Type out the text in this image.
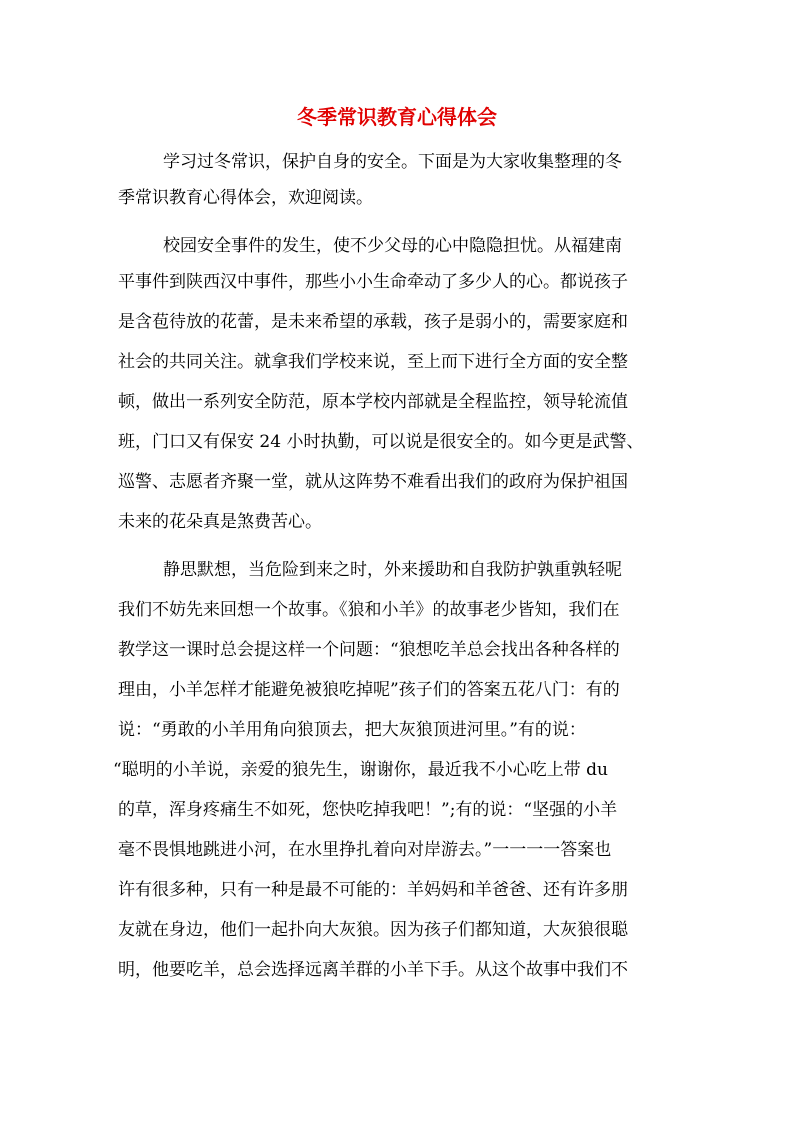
冬季常识教育心得体会
学习过冬常识，保护自身的安全。下面是为大家收集整理的冬
季常识教育心得体会，欢迎阅读。
校园安全事件的发生，使不少父母的心中隐隐担忧。从福建南
平事件到陕西汉中事件，那些小小生命牵动了多少人的心。都说孩子
是含苞待放的花蕾，是未来希望的承载，孩子是弱小的，需要家庭和
社会的共同关注。就拿我们学校来说，至上而下进行全方面的安全整
顿，做出一系列安全防范，原本学校内部就是全程监控，领导轮流值
班，门口又有保安 24 小时执勤，可以说是很安全的。如今更是武警、
巡警、志愿者齐聚一堂，就从这阵势不难看出我们的政府为保护祖国
未来的花朵真是煞费苦心。
静思默想，当危险到来之时，外来援助和自我防护孰重孰轻呢
我们不妨先来回想一个故事。《狼和小羊》的故事老少皆知，我们在
教学这一课时总会提这样一个问题：“狼想吃羊总会找出各种各样的
理由，小羊怎样才能避免被狼吃掉呢”孩子们的答案五花八门：有的
说：“勇敢的小羊用角向狼顶去，把大灰狼顶进河里。”有的说：
“聪明的小羊说，亲爱的狼先生，谢谢你，最近我不小心吃上带 du
的草，浑身疼痛生不如死，您快吃掉我吧！”;有的说：“坚强的小羊
毫不畏惧地跳进小河，在水里挣扎着向对岸游去。”一一一一答案也
许有很多种，只有一种是最不可能的：羊妈妈和羊爸爸、还有许多朋
友就在身边，他们一起扑向大灰狼。因为孩子们都知道，大灰狼很聪
明，他要吃羊，总会选择远离羊群的小羊下手。从这个故事中我们不
